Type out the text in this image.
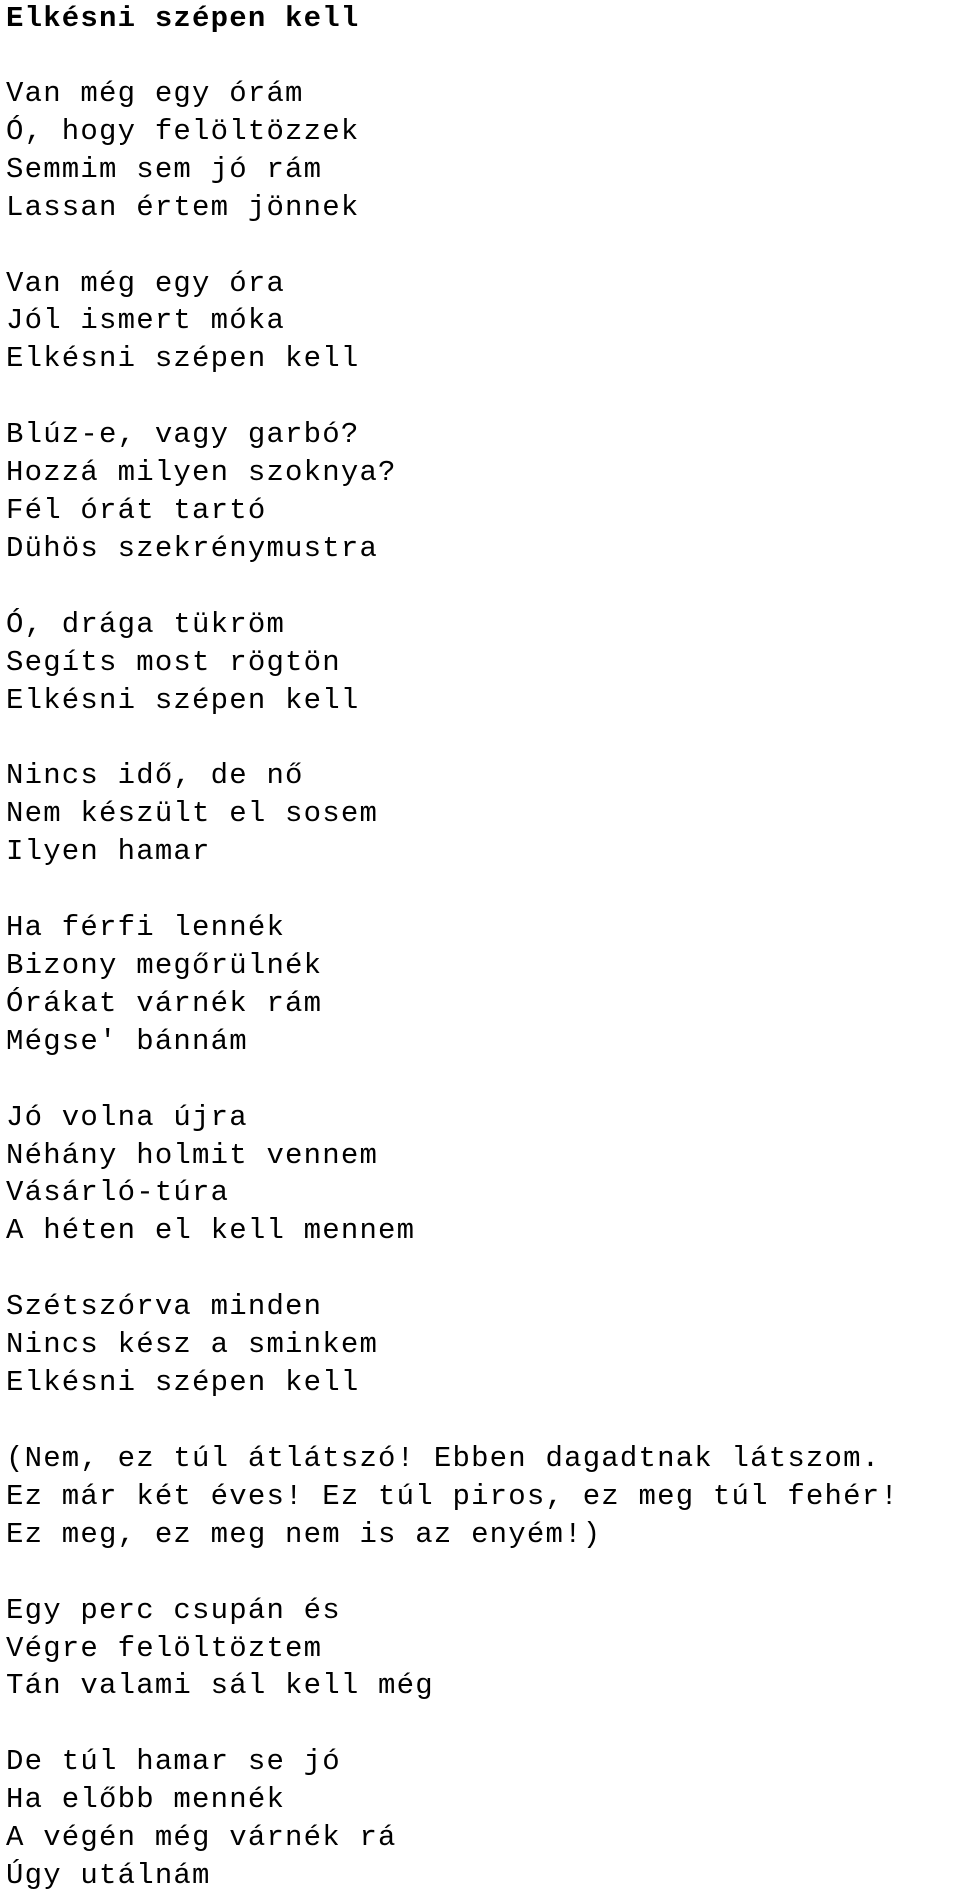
Elkésni szépen kell
Van még egy órám
Ó, hogy felöltözzek
Semmim sem jó rám
Lassan értem jönnek
Van még egy óra
Jól ismert móka
Elkésni szépen kell
Blúz-e, vagy garbó?
Hozzá milyen szoknya?
Fél órát tartó
Dühös szekrénymustra
Ó, drága tükröm
Segíts most rögtön
Elkésni szépen kell
Nincs idő, de nő
Nem készült el sosem
Ilyen hamar
Ha férfi lennék
Bizony megőrülnék
Órákat várnék rám
Mégse' bánnám
Jó volna újra
Néhány holmit vennem
Vásárló-túra
A héten el kell mennem
Szétszórva minden
Nincs kész a sminkem
Elkésni szépen kell
(Nem, ez túl átlátszó! Ebben dagadtnak látszom.
Ez már két éves! Ez túl piros, ez meg túl fehér!
Ez meg, ez meg nem is az enyém!)
Egy perc csupán és
Végre felöltöztem
Tán valami sál kell még
De túl hamar se jó
Ha előbb mennék
A végén még várnék rá
Úgy utálnám
